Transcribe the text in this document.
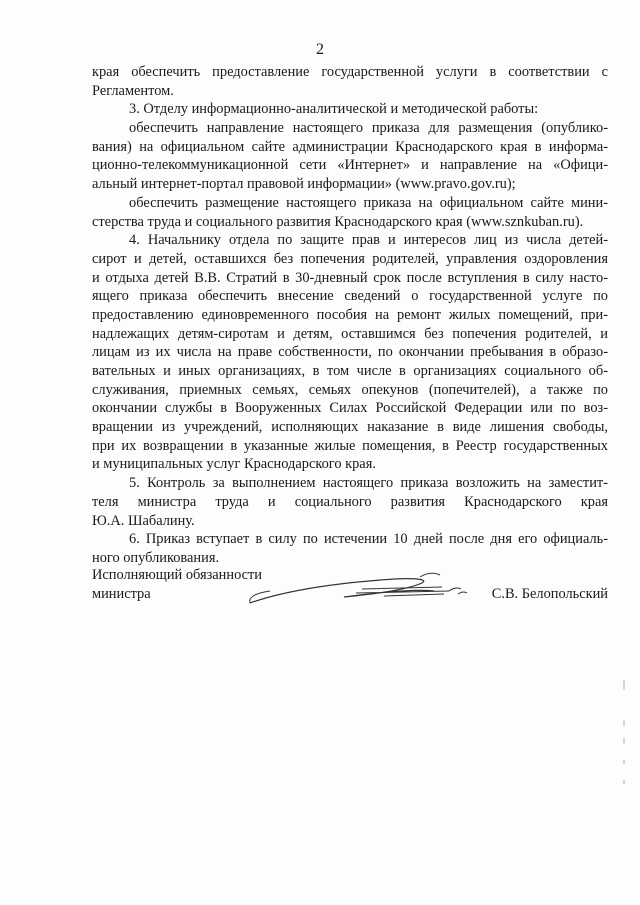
2
края обеспечить предоставление государственной услуги в соответствии с
Регламентом.
3. Отделу информационно-аналитической и методической работы:
обеспечить направление настоящего приказа для размещения (опублико-
вания) на официальном сайте администрации Краснодарского края в информа-
ционно-телекоммуникационной сети «Интернет» и направление на «Офици-
альный интернет-портал правовой информации» (www.pravo.gov.ru);
обеспечить размещение настоящего приказа на официальном сайте мини-
стерства труда и социального развития Краснодарского края (www.sznkuban.ru).
4. Начальнику отдела по защите прав и интересов лиц из числа детей-
сирот и детей, оставшихся без попечения родителей, управления оздоровления
и отдыха детей В.В. Стратий в 30-дневный срок после вступления в силу насто-
ящего приказа обеспечить внесение сведений о государственной услуге по
предоставлению единовременного пособия на ремонт жилых помещений, при-
надлежащих детям-сиротам и детям, оставшимся без попечения родителей, и
лицам из их числа на праве собственности, по окончании пребывания в образо-
вательных и иных организациях, в том числе в организациях социального об-
служивания, приемных семьях, семьях опекунов (попечителей), а также по
окончании службы в Вооруженных Силах Российской Федерации или по воз-
вращении из учреждений, исполняющих наказание в виде лишения свободы,
при их возвращении в указанные жилые помещения, в Реестр государственных
и муниципальных услуг Краснодарского края.
5. Контроль за выполнением настоящего приказа возложить на заместит-
теля министра труда и социального развития Краснодарского края
Ю.А. Шабалину.
6. Приказ вступает в силу по истечении 10 дней после дня его официаль-
ного опубликования.
Исполняющий обязанности
министра	С.В. Белопольский
